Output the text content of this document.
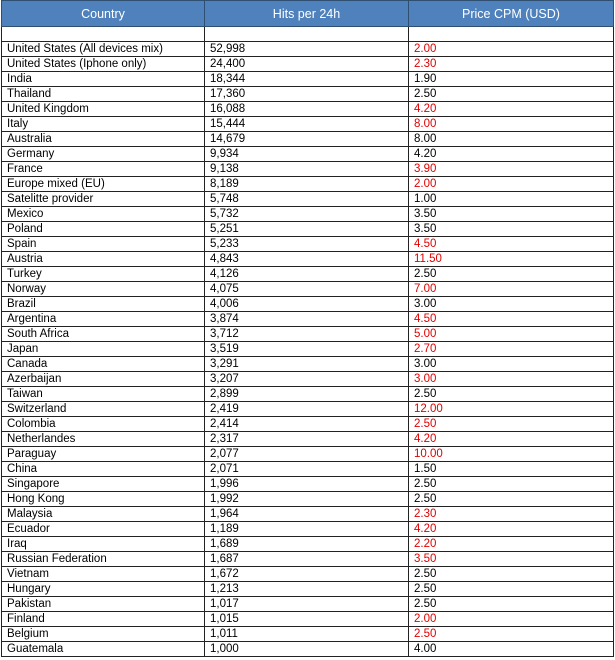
Country	Hits per 24h	Price CPM (USD)

United States (All devices mix)	52,998	2.00
United States (Iphone only)	24,400	2.30
India	18,344	1.90
Thailand	17,360	2.50
United Kingdom	16,088	4.20
Italy	15,444	8.00
Australia	14,679	8.00
Germany	9,934	4.20
France	9,138	3.90
Europe mixed (EU)	8,189	2.00
Satelitte provider	5,748	1.00
Mexico	5,732	3.50
Poland	5,251	3.50
Spain	5,233	4.50
Austria	4,843	11.50
Turkey	4,126	2.50
Norway	4,075	7.00
Brazil	4,006	3.00
Argentina	3,874	4.50
South Africa	3,712	5.00
Japan	3,519	2.70
Canada	3,291	3.00
Azerbaijan	3,207	3.00
Taiwan	2,899	2.50
Switzerland	2,419	12.00
Colombia	2,414	2.50
Netherlandes	2,317	4.20
Paraguay	2,077	10.00
China	2,071	1.50
Singapore	1,996	2.50
Hong Kong	1,992	2.50
Malaysia	1,964	2.30
Ecuador	1,189	4.20
Iraq	1,689	2.20
Russian Federation	1,687	3.50
Vietnam	1,672	2.50
Hungary	1,213	2.50
Pakistan	1,017	2.50
Finland	1,015	2.00
Belgium	1,011	2.50
Guatemala	1,000	4.00
